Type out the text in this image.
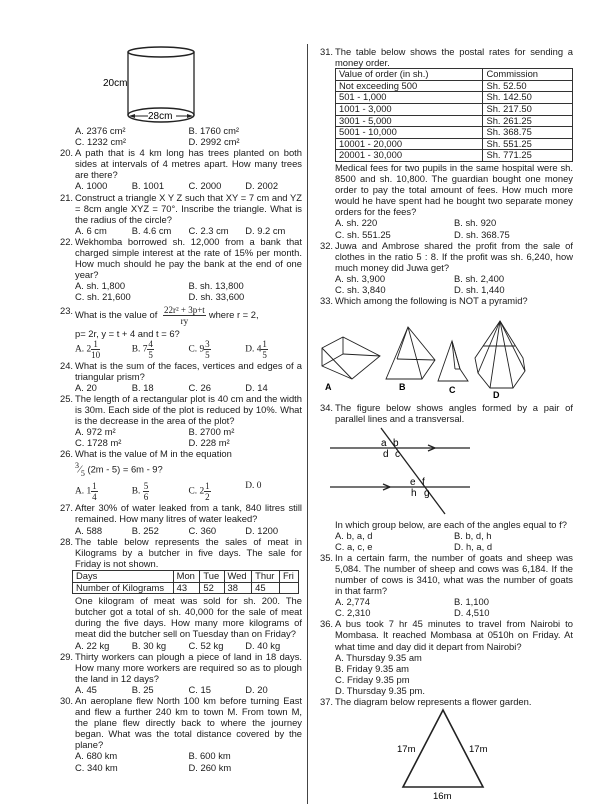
20cm
28cm
A. 2376 cm²	B. 1760 cm²
C. 1232 cm²	D. 2992 cm²
20. A path that is 4 km long has trees planted on both sides at intervals of 4 metres apart. How many trees are there?
A. 1000	B. 1001	C. 2000	D. 2002
21. Construct a triangle X Y Z such that XY = 7 cm and YZ = 8cm angle XYZ = 70°. Inscribe the triangle. What is the radius of the circle?
A. 6 cm	B. 4.6 cm	C. 2.3 cm	D. 9.2 cm
22. Wekhomba borrowed sh. 12,000 from a bank that charged simple interest at the rate of 15% per month. How much should he pay the bank at the end of one year?
A. sh. 1,800	B. sh. 13,800
C. sh. 21,600	D. sh. 33,600
23. What is the value of $\frac{\text{22r² + 3p+t}}{ry}$ where r = 2,
p= 2r, y = t + 4 and t = 6?
A. $2 \frac{1}{10}$	B. $7 \frac{4}{5}$	C. $9 \frac{3}{5}$	D. $4 \frac{1}{5}$
24. What is the sum of the faces, vertices and edges of a triangular prism?
A. 20	B. 18	C. 26	D. 14
25. The length of a rectangular plot is 40 cm and the width is 30m. Each side of the plot is reduced by 10%. What is the decrease in the area of the plot?
A. 972 m²	B. 2700 m²
C. 1728 m²	D. 228 m²
26. What is the value of M in the equation
$^3⁄_5$ (2m - 5) = 6m - 9?
A. $1 \frac{1}{4}$	B. $\frac{5}{6}$	C. $2 \frac{1}{2}$	D. 0
27. After 30% of water leaked from a tank, 840 litres still remained. How many litres of water leaked?
A. 588	B. 252	C. 360	D. 1200
28. The table below represents the sales of meat in Kilograms by a butcher in five days. The sale for Friday is not shown.
Days	Mon	Tue	Wed	Thur	Fri
Number of Kilograms	43	52	38	45	
One kilogram of meat was sold for sh. 200. The butcher got a total of sh. 40,000 for the sale of meat during the five days. How many more kilograms of meat did the butcher sell on Tuesday than on Friday?
A. 22 kg	B. 30 kg	C. 52 kg	D. 40 kg
29. Thirty workers can plough a piece of land in 18 days. How many more workers are required so as to plough the land in 12 days?
A. 45	B. 25	C. 15	D. 20
30. An aeroplane flew North 100 km before turning East and flew a further 240 km to town M. From town M, the plane flew directly back to where the journey began. What was the total distance covered by the plane?
A. 680 km	B. 600 km
C. 340 km	D. 260 km
31. The table below shows the postal rates for sending a money order.
Value of order (in sh.)	Commission
Not exceeding 500	Sh. 52.50
501 - 1,000	Sh. 142.50
1001 - 3,000	Sh. 217.50
3001 - 5,000	Sh. 261.25
5001 - 10,000	Sh. 368.75
10001 - 20,000	Sh. 551.25
20001 - 30,000	Sh. 771.25
Medical fees for two pupils in the same hospital were sh. 8500 and sh. 10,800. The guardian bought one money order to pay the total amount of fees. How much more would he have spent had he bought two separate money orders for the fees?
A. sh. 220	B. sh. 920
C. sh. 551.25	D. sh. 368.75
32. Juwa and Ambrose shared the profit from the sale of clothes in the ratio 5 : 8. If the profit was sh. 6,240, how much money did Juwa get?
A. sh. 3,900	B. sh. 2,400
C. sh. 3,840	D. sh. 1,440
33. Which among the following is NOT a pyramid?
A	B	C	D
34. The figure below shows angles formed by a pair of parallel lines and a transversal.
a b
c
d
e f
g
h
In which group below, are each of the angles equal to f?
A. b, a, d	B. b, d, h
C. a, c, e	D. h, a, d
35. In a certain farm, the number of goats and sheep was 5,084. The number of sheep and cows was 6,184. If the number of cows is 3410, what was the number of goats in that farm?
A. 2,774	B. 1,100
C. 2,310	D. 4,510
36. A bus took 7 hr 45 minutes to travel from Nairobi to Mombasa. It reached Mombasa at 0510h on Friday. At what time and day did it depart from Nairobi?
A. Thursday 9.35 am
B. Friday 9.35 am
C. Friday 9.35 pm
D. Thursday 9.35 pm.
37. The diagram below represents a flower garden.
17m	17m
16m
